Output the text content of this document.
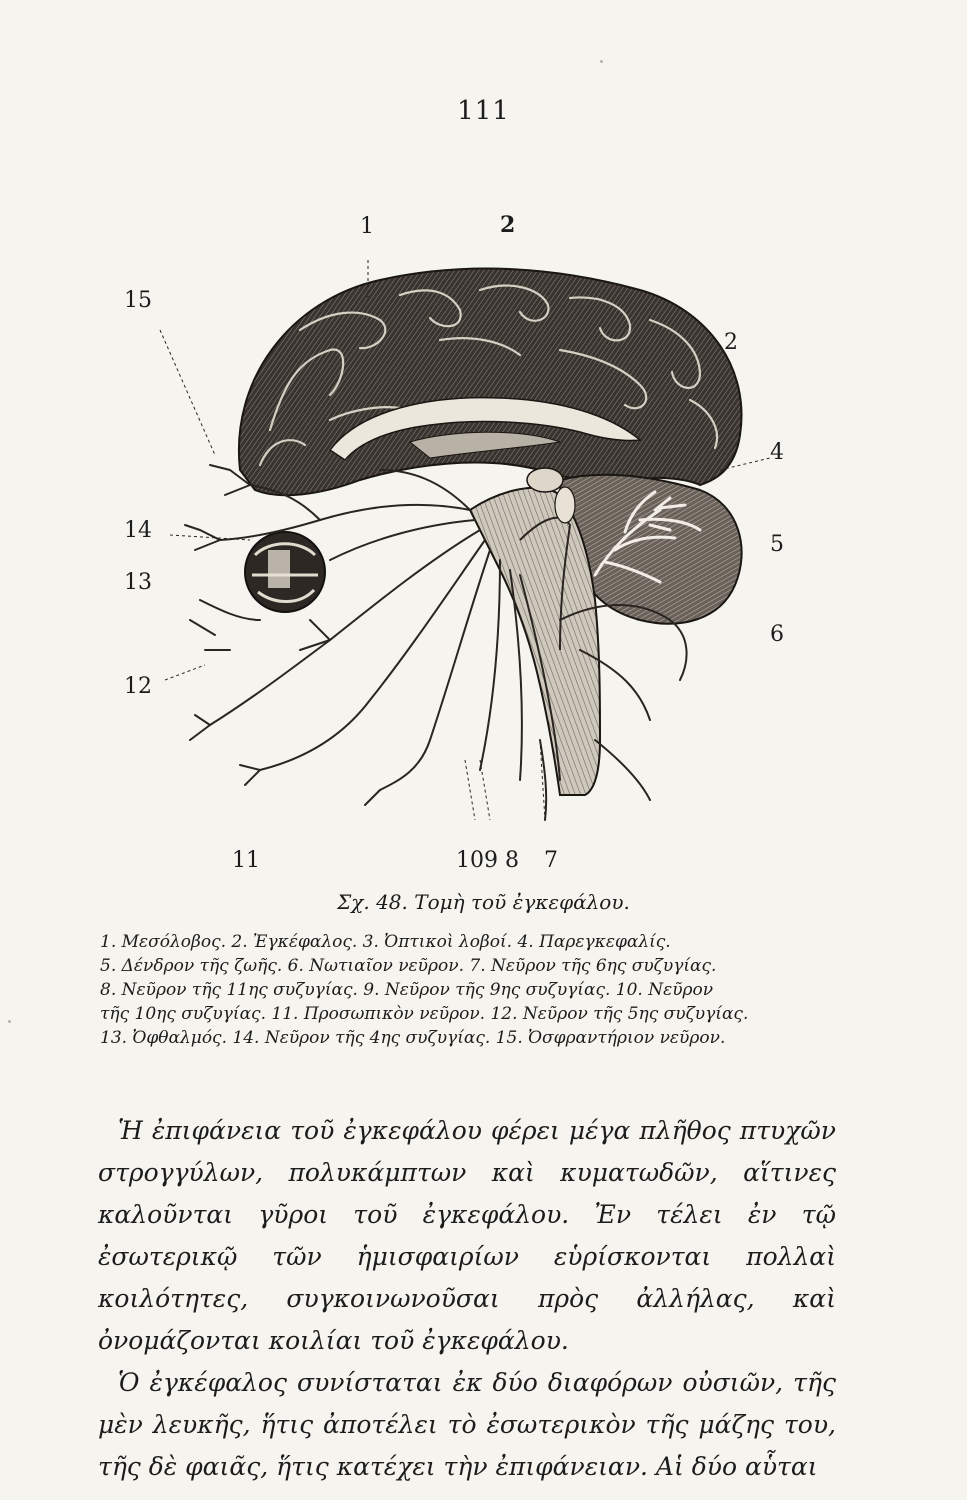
111
1	2
15
2
4
14
5
13
6
12
11	109 8 7
Σχ. 48. Τομὴ τοῦ ἐγκεφάλου.
1. Μεσόλοβος. 2. Ἐγκέφαλος. 3. Ὀπτικοὶ λοβοί. 4. Παρεγκεφαλίς.
5. Δένδρον τῆς ζωῆς. 6. Νωτιαῖον νεῦρον. 7. Νεῦρον τῆς 6ης συζυγίας.
8. Νεῦρον τῆς 11ης συζυγίας. 9. Νεῦρον τῆς 9ης συζυγίας. 10. Νεῦρον
τῆς 10ης συζυγίας. 11. Προσωπικὸν νεῦρον. 12. Νεῦρον τῆς 5ης συζυγίας.
13. Ὀφθαλμός. 14. Νεῦρον τῆς 4ης συζυγίας. 15. Ὀσφραντήριον νεῦρον.

Ἡ ἐπιφάνεια τοῦ ἐγκεφάλου φέρει μέγα πλῆθος πτυχῶν στρογγύλων, πολυκάμπτων καὶ κυματωδῶν, αἵτινες καλοῦνται γῦροι τοῦ ἐγκεφάλου. Ἐν τέλει ἐν τῷ ἐσωτερικῷ τῶν ἡμισφαιρίων εὑρίσκονται πολλαὶ κοιλότητες, συγκοινωνοῦσαι πρὸς ἀλλήλας, καὶ ὀνομάζονται κοιλίαι τοῦ ἐγκεφάλου.

Ὁ ἐγκέφαλος συνίσταται ἐκ δύο διαφόρων οὐσιῶν, τῆς μὲν λευκῆς, ἥτις ἀποτέλει τὸ ἐσωτερικὸν τῆς μάζης του, τῆς δὲ φαιᾶς, ἥτις κατέχει τὴν ἐπιφάνειαν. Αἱ δύο αὗται
